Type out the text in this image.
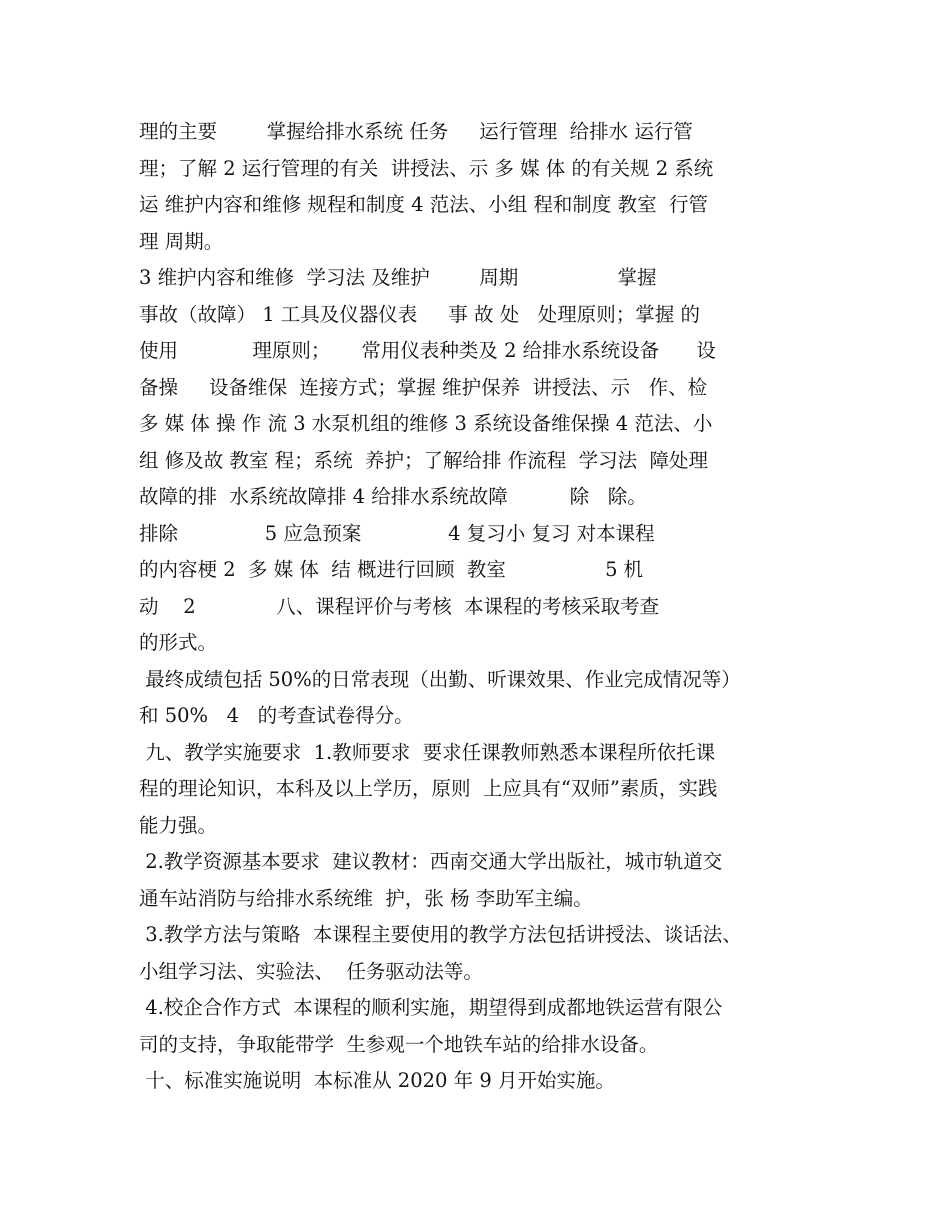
理的主要        掌握给排水系统 任务     运行管理  给排水 运行管
理；了解 2 运行管理的有关  讲授法、示 多 媒 体 的有关规 2 系统
运 维护内容和维修 规程和制度 4 范法、小组 程和制度 教室  行管
理 周期。
3 维护内容和维修  学习法 及维护        周期                掌握
事故（故障） 1 工具及仪器仪表     事 故 处   处理原则；掌握 的
使用            理原则；     常用仪表种类及 2 给排水系统设备      设
备操     设备维保  连接方式；掌握 维护保养  讲授法、示   作、检
多 媒 体 操 作 流 3 水泵机组的维修 3 系统设备维保操 4 范法、小
组 修及故 教室 程；系统  养护；了解给排 作流程  学习法  障处理
故障的排  水系统故障排 4 给排水系统故障          除   除。
排除              5 应急预案              4 复习小 复习 对本课程
的内容梗 2  多 媒 体  结 概进行回顾  教室                5 机
动    2             八、课程评价与考核  本课程的考核采取考查
的形式。
最终成绩包括 50%的日常表现（出勤、听课效果、作业完成情况等）
和 50%   4   的考查试卷得分。
九、教学实施要求  1.教师要求  要求任课教师熟悉本课程所依托课
程的理论知识，本科及以上学历，原则  上应具有“双师”素质，实践
能力强。
2.教学资源基本要求  建议教材：西南交通大学出版社，城市轨道交
通车站消防与给排水系统维  护，张 杨 李助军主编。
3.教学方法与策略  本课程主要使用的教学方法包括讲授法、谈话法、
小组学习法、实验法、  任务驱动法等。
4.校企合作方式  本课程的顺利实施，期望得到成都地铁运营有限公
司的支持，争取能带学  生参观一个地铁车站的给排水设备。
十、标准实施说明  本标准从 2020 年 9 月开始实施。
